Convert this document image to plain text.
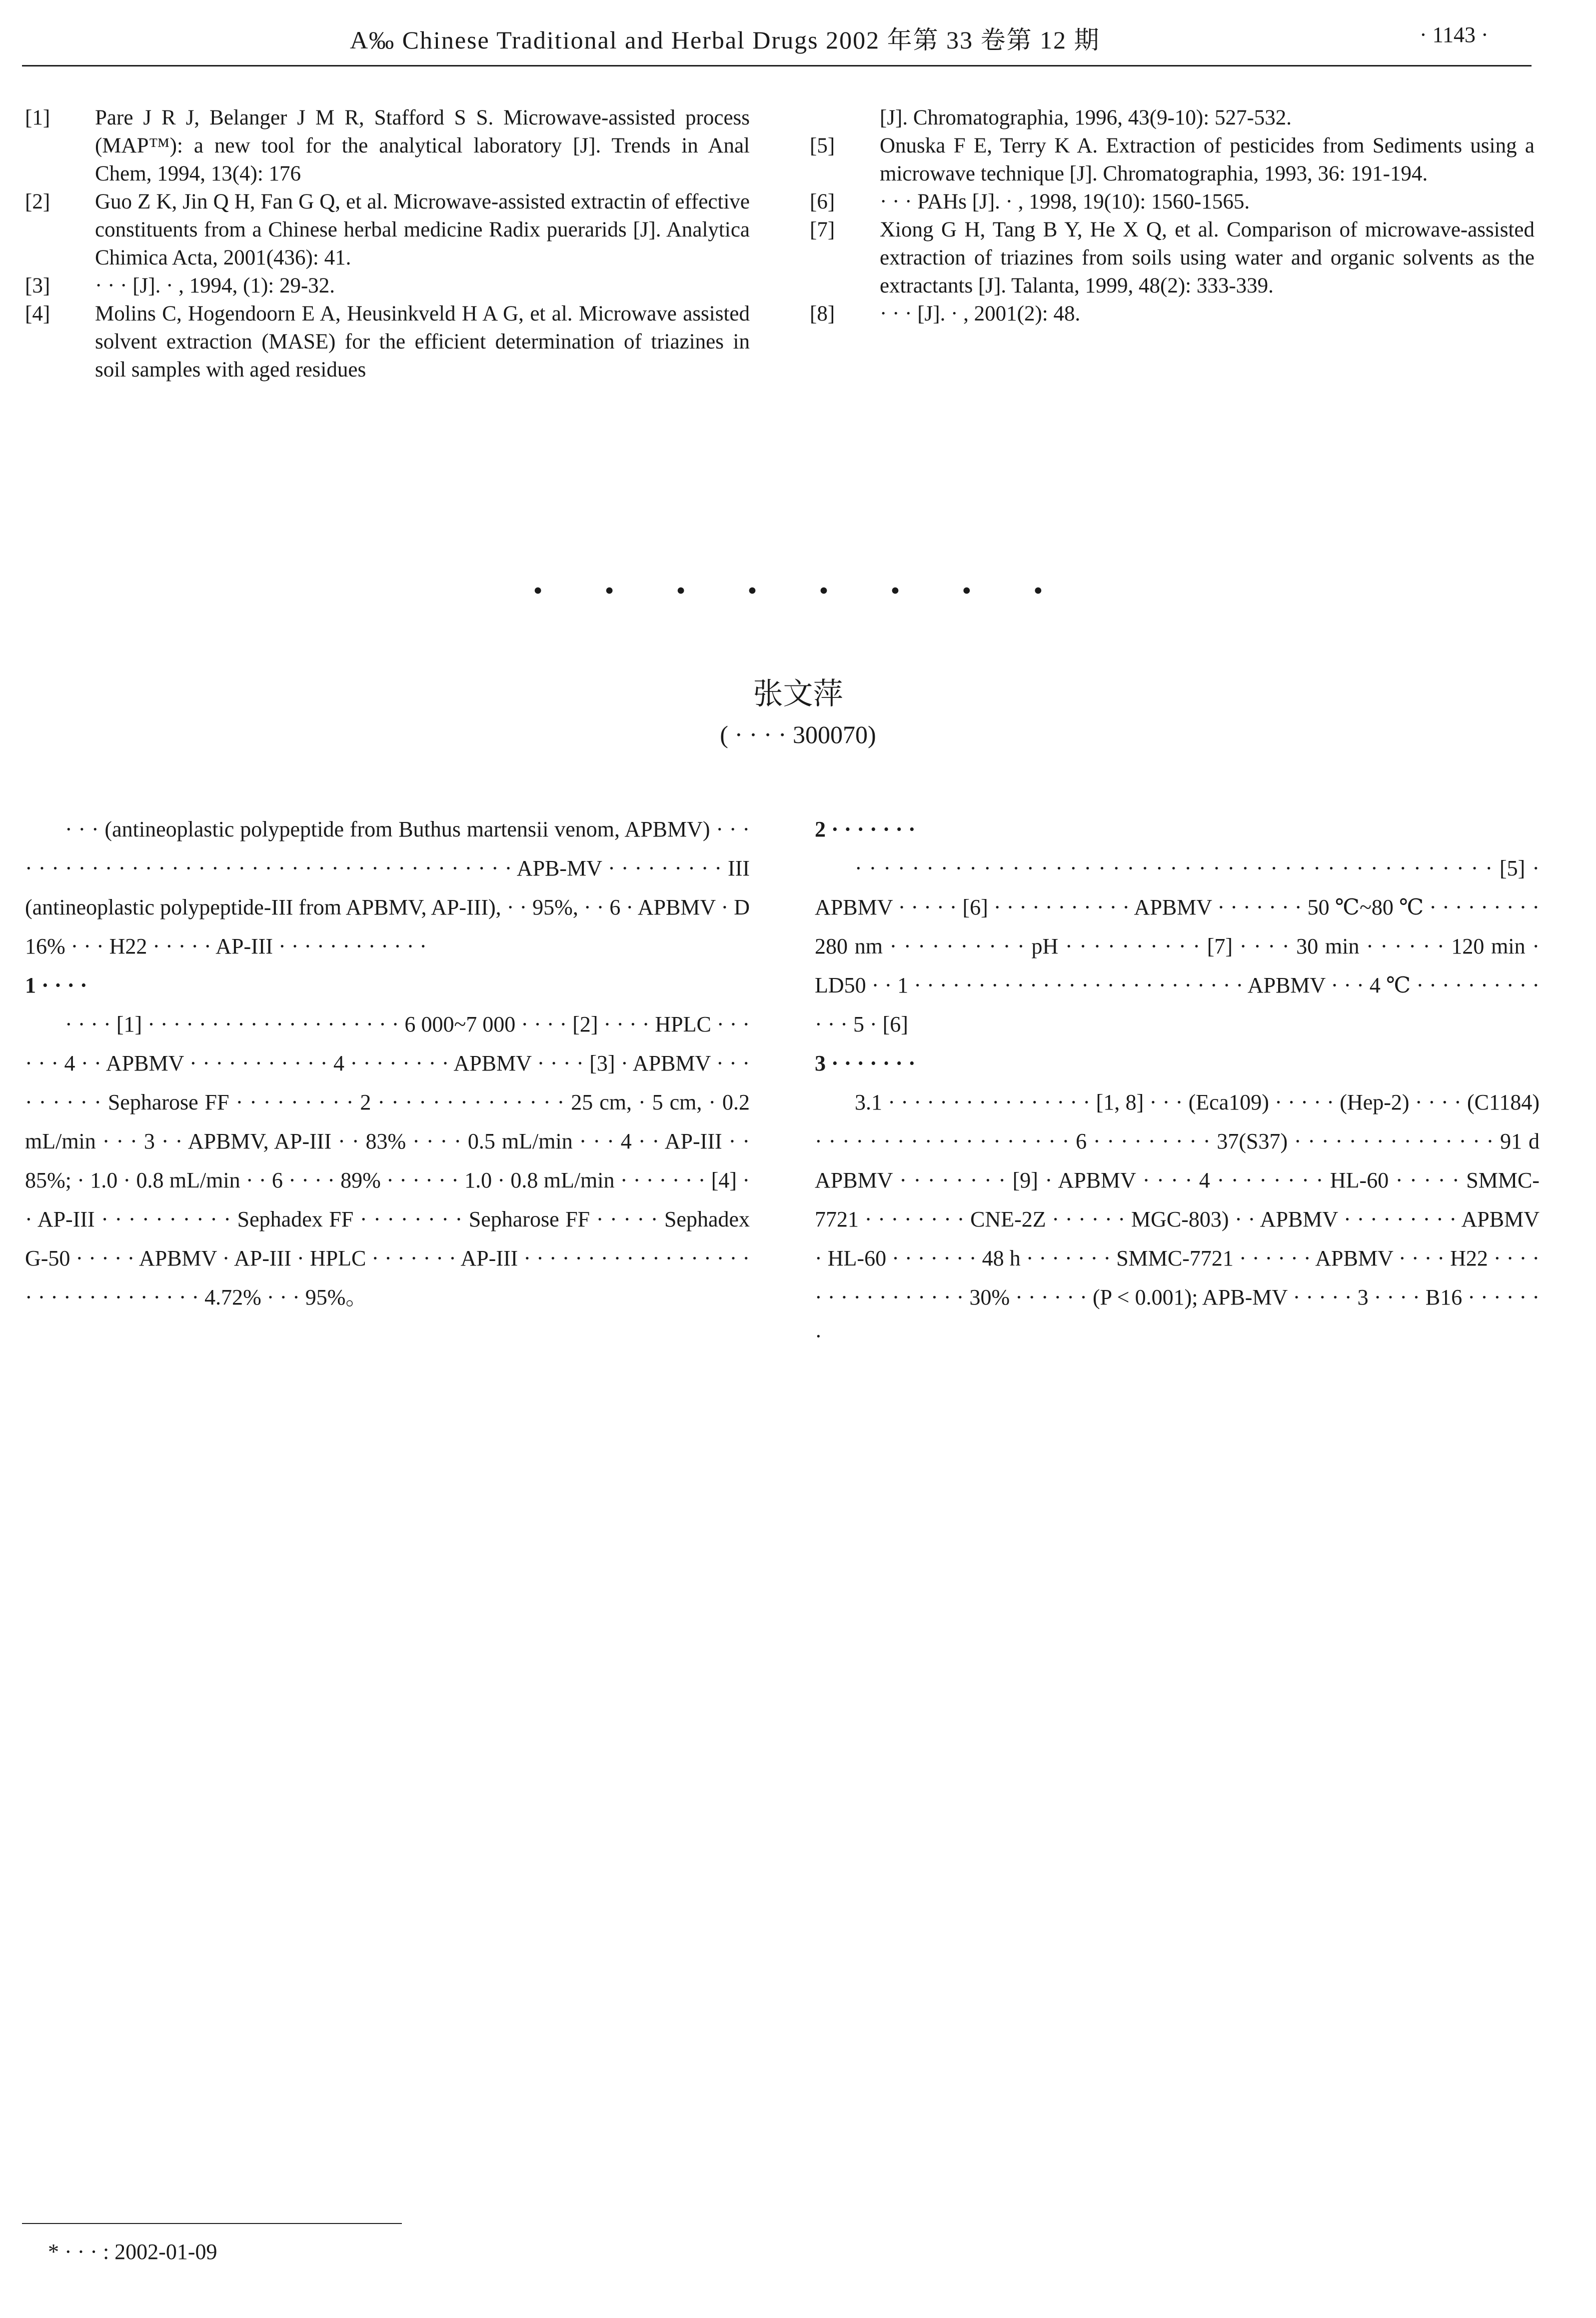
A‰ Chinese Traditional and Herbal Drugs 2002 年第 33 卷第 12 期	· 1143 ·
[1]	Pare J R J, Belanger J M R, Stafford S S. Microwave-assisted process (MAP™): a new tool for the analytical laboratory [J]. Trends in Anal Chem, 1994, 13(4): 176
[2]	Guo Z K, Jin Q H, Fan G Q, et al. Microwave-assisted extractin of effective constituents from a Chinese herbal medicine Radix puerarids [J]. Analytica Chimica Acta, 2001(436): 41.
[3]	· · · [J]. · , 1994, (1): 29-32.
[4]	Molins C, Hogendoorn E A, Heusinkveld H A G, et al. Microwave assisted solvent extraction (MASE) for the efficient determination of triazines in soil samples with aged residues
[J]. Chromatographia, 1996, 43(9-10): 527-532.
[5]	Onuska F E, Terry K A. Extraction of pesticides from Sediments using a microwave technique [J]. Chromatographia, 1993, 36: 191-194.
[6]	· · · PAHs [J]. · , 1998, 19(10): 1560-1565.
[7]	Xiong G H, Tang B Y, He X Q, et al. Comparison of microwave-assisted extraction of triazines from soils using water and organic solvents as the extractants [J]. Talanta, 1999, 48(2): 333-339.
[8]	· · · [J]. · , 2001(2): 48.
· · · · · · · ·
张文萍
( · · · · 300070)

· · · (antineoplastic polypeptide from Buthus martensii venom, APBMV) · · · · · · · · · · · · · · · · · · · · · · · · · · · · · · · · · · · · · · · · APB-MV · · · · · · · · · III (antineoplastic polypeptide-III from APBMV, AP-III), · · 95%, · · 6 · APBMV · D 16% · · · H22 · · · · · AP-III · · · · · · · · · · · ·

1 · · · ·

· · · · [1] · · · · · · · · · · · · · · · · · · · · 6 000~7 000 · · · · [2] · · · · HPLC · · · · · · 4 · · APBMV · · · · · · · · · · · 4 · · · · · · · · APBMV · · · · [3] · APBMV · · · · · · · · · Sepharose FF · · · · · · · · · 2 · · · · · · · · · · · · · · 25 cm, · 5 cm, · 0.2 mL/min · · · 3 · · APBMV, AP-III · · 83% · · · · 0.5 mL/min · · · 4 · · AP-III · · 85%; · 1.0 · 0.8 mL/min · · 6 · · · · 89% · · · · · · 1.0 · 0.8 mL/min · · · · · · · [4] · · AP-III · · · · · · · · · · Sephadex FF · · · · · · · · Sepharose FF · · · · · Sephadex G-50 · · · · · APBMV · AP-III · HPLC · · · · · · · AP-III · · · · · · · · · · · · · · · · · · · · · · · · · · · · · · · · 4.72% · · · 95%。

2 · · · · · · ·

· · · · · · · · · · · · · · · · · · · · · · · · · · · · · · · · · · · · · · · · · · · · · [5] · APBMV · · · · · [6] · · · · · · · · · · · APBMV · · · · · · · 50 ℃~80 ℃ · · · · · · · · · 280 nm · · · · · · · · · · pH · · · · · · · · · · [7] · · · · 30 min · · · · · · 120 min · LD50 · · 1 · · · · · · · · · · · · · · · · · · · · · · · · · · APBMV · · · 4 ℃ · · · · · · · · · · · · · 5 · [6]

3 · · · · · · ·

3.1 · · · · · · · · · · · · · · · · [1, 8] · · · (Eca109) · · · · · (Hep-2) · · · · (C1184) · · · · · · · · · · · · · · · · · · · 6 · · · · · · · · · 37(S37) · · · · · · · · · · · · · · · 91 d APBMV · · · · · · · · [9] · APBMV · · · · 4 · · · · · · · · HL-60 · · · · · SMMC-7721 · · · · · · · · CNE-2Z · · · · · · MGC-803) · · APBMV · · · · · · · · · APBMV · HL-60 · · · · · · · 48 h · · · · · · · SMMC-7721 · · · · · · APBMV · · · · H22 · · · · · · · · · · · · · · · · 30% · · · · · · (P < 0.001); APB-MV · · · · · 3 · · · · B16 · · · · · · ·

* · · · : 2002-01-09
